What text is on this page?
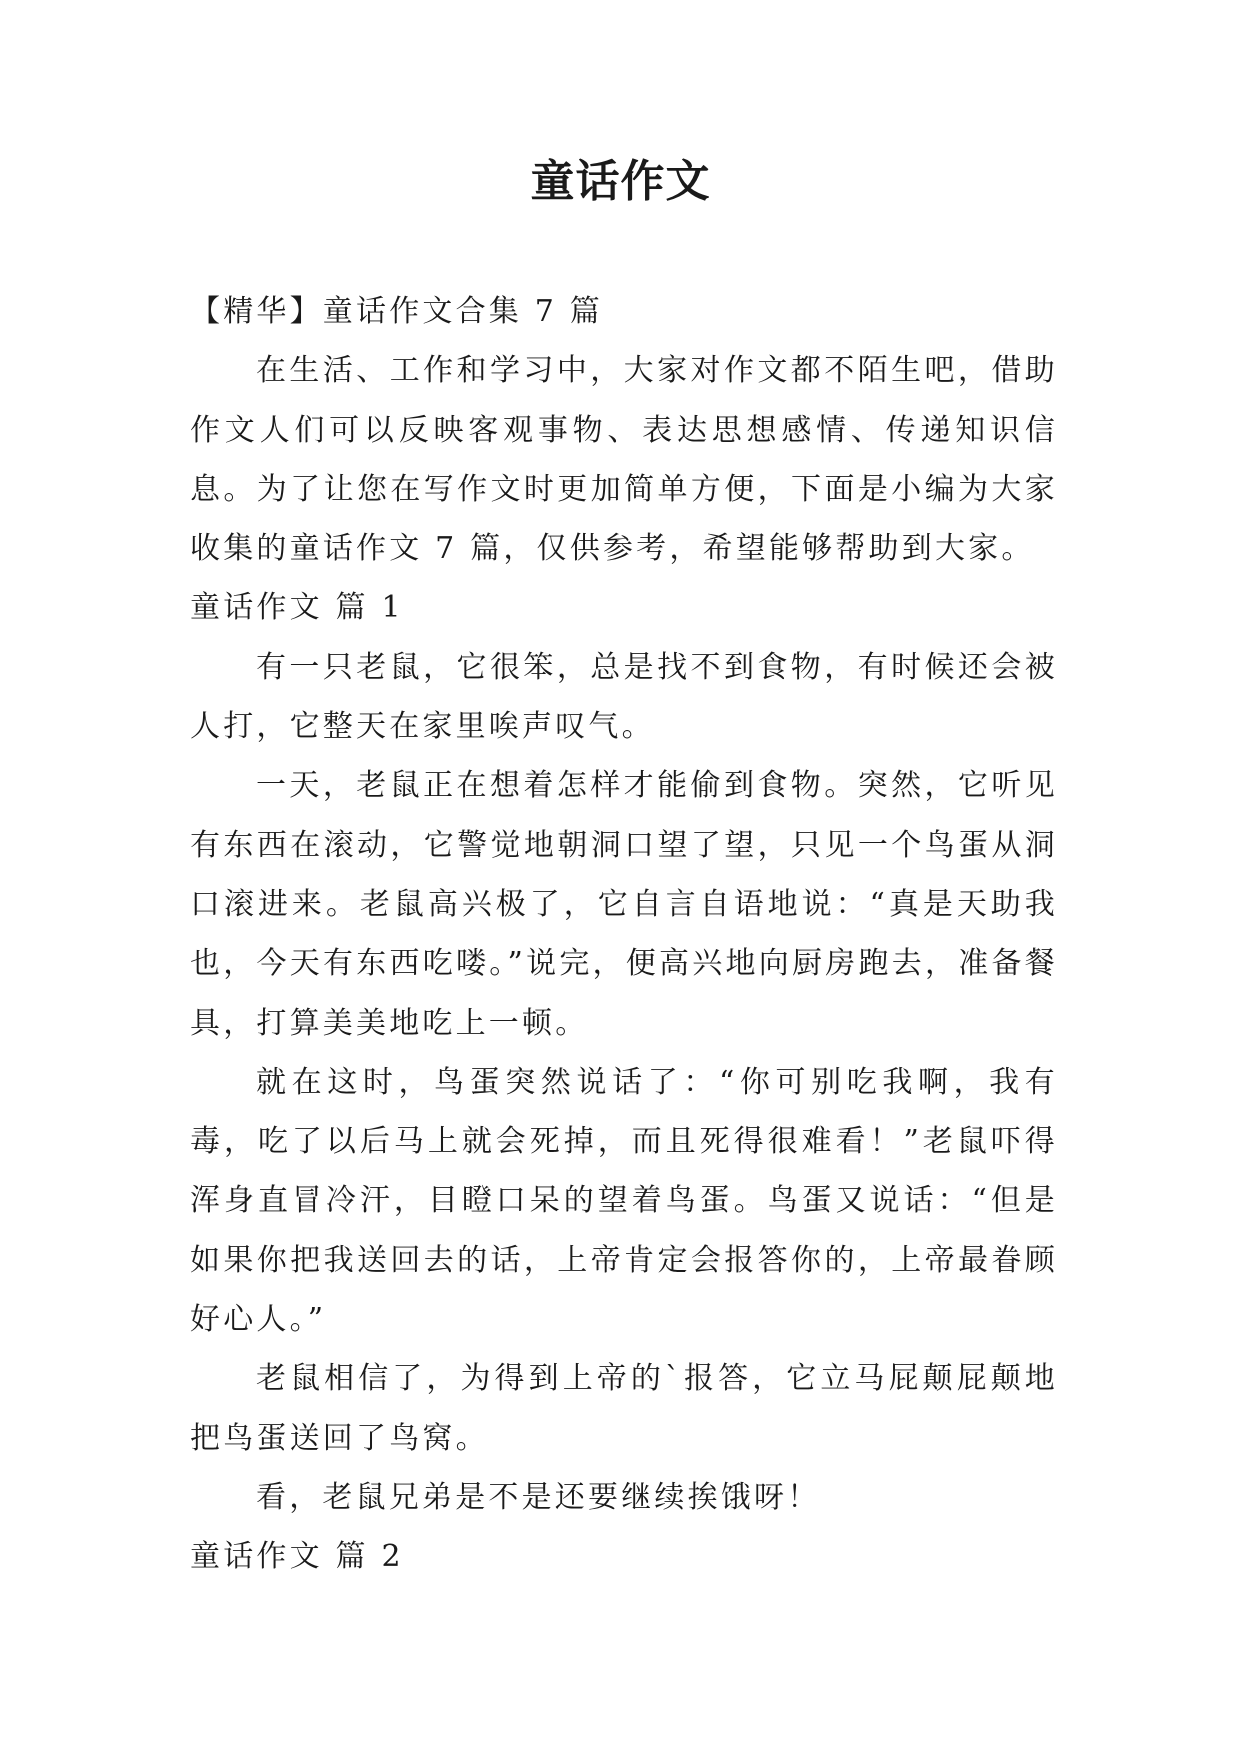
童话作文

【精华】童话作文合集 7 篇

在生活、工作和学习中，大家对作文都不陌生吧，借助作文人们可以反映客观事物、表达思想感情、传递知识信息。为了让您在写作文时更加简单方便，下面是小编为大家收集的童话作文 7 篇，仅供参考，希望能够帮助到大家。

童话作文 篇 1

有一只老鼠，它很笨，总是找不到食物，有时候还会被人打，它整天在家里唉声叹气。

一天，老鼠正在想着怎样才能偷到食物。突然，它听见有东西在滚动，它警觉地朝洞口望了望，只见一个鸟蛋从洞口滚进来。老鼠高兴极了，它自言自语地说：“真是天助我也，今天有东西吃喽。”说完，便高兴地向厨房跑去，准备餐具，打算美美地吃上一顿。

就在这时，鸟蛋突然说话了：“你可别吃我啊，我有毒，吃了以后马上就会死掉，而且死得很难看！”老鼠吓得浑身直冒冷汗，目瞪口呆的望着鸟蛋。鸟蛋又说话：“但是如果你把我送回去的话，上帝肯定会报答你的，上帝最眷顾好心人。”

老鼠相信了，为得到上帝的`报答，它立马屁颠屁颠地把鸟蛋送回了鸟窝。

看，老鼠兄弟是不是还要继续挨饿呀！

童话作文 篇 2
